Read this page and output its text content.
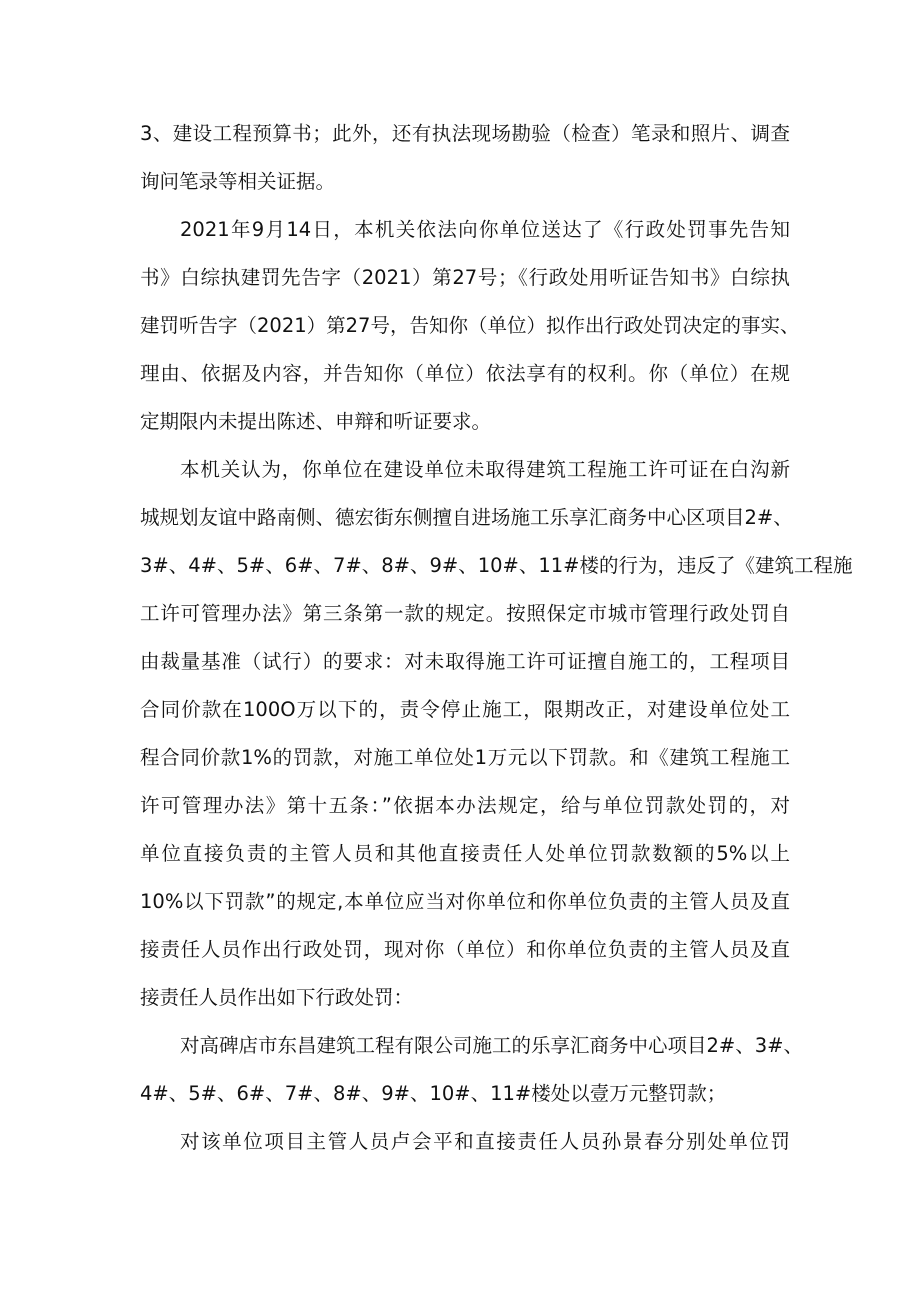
3、建设工程预算书；此外，还有执法现场勘验（检查）笔录和照片、调查
询问笔录等相关证据。
2021年9月14日，本机关依法向你单位送达了《行政处罚事先告知
书》白综执建罚先告字（2021）第27号；《行政处用听证告知书》白综执
建罚听告字（2021）第27号，告知你（单位）拟作出行政处罚决定的事实、
理由、依据及内容，并告知你（单位）依法享有的权利。你（单位）在规
定期限内未提出陈述、申辩和听证要求。
本机关认为，你单位在建设单位未取得建筑工程施工许可证在白沟新
城规划友谊中路南侧、德宏街东侧擅自进场施工乐享汇商务中心区项目2#、
3#、4#、5#、6#、7#、8#、9#、10#、11#楼的行为，违反了《建筑工程施
工许可管理办法》第三条第一款的规定。按照保定市城市管理行政处罚自
由裁量基准（试行）的要求：对未取得施工许可证擅自施工的，工程项目
合同价款在100O万以下的，责令停止施工，限期改正，对建设单位处工
程合同价款1%的罚款，对施工单位处1万元以下罚款。和《建筑工程施工
许可管理办法》第十五条：”依据本办法规定，给与单位罚款处罚的，对
单位直接负责的主管人员和其他直接责任人处单位罚款数额的5%以上
10%以下罚款”的规定,本单位应当对你单位和你单位负责的主管人员及直
接责任人员作出行政处罚，现对你（单位）和你单位负责的主管人员及直
接责任人员作出如下行政处罚：
对高碑店市东昌建筑工程有限公司施工的乐享汇商务中心项目2#、3#、
4#、5#、6#、7#、8#、9#、10#、11#楼处以壹万元整罚款；
对该单位项目主管人员卢会平和直接责任人员孙景春分别处单位罚
